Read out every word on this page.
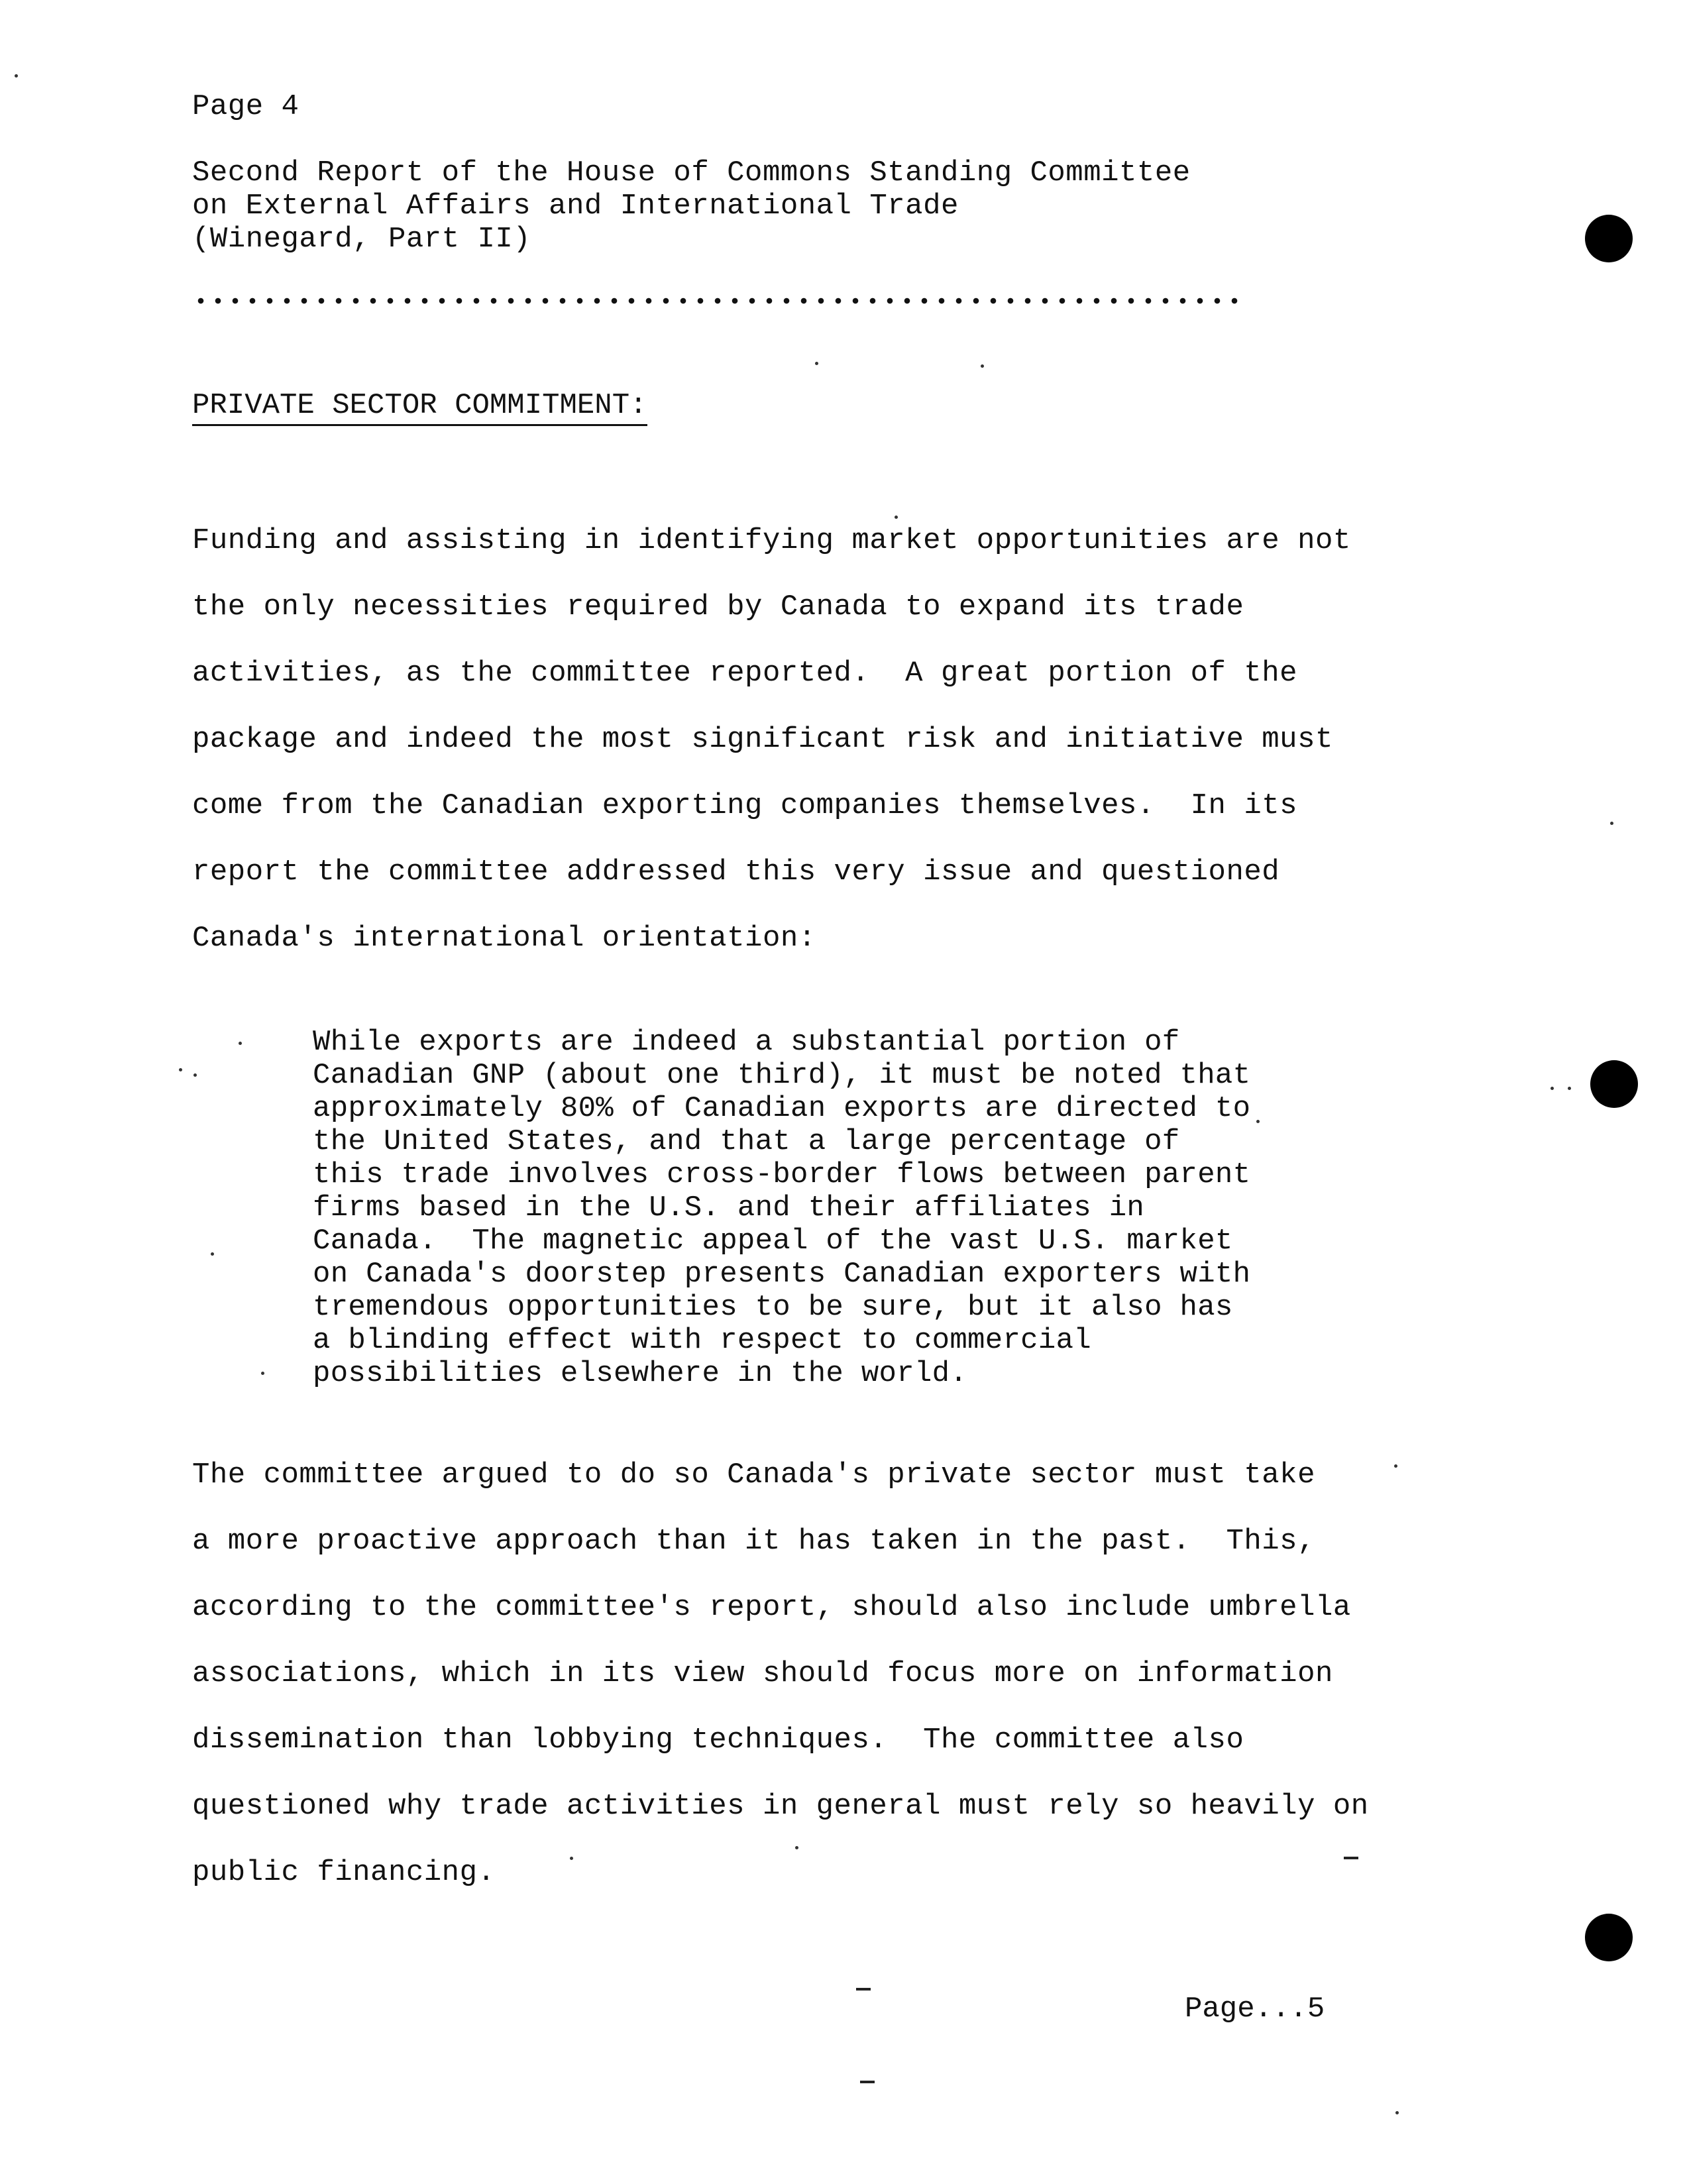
Page 4
Second Report of the House of Commons Standing Committee
on External Affairs and International Trade
(Winegard, Part II)
PRIVATE SECTOR COMMITMENT:
Funding and assisting in identifying market opportunities are not
the only necessities required by Canada to expand its trade
activities, as the committee reported.  A great portion of the
package and indeed the most significant risk and initiative must
come from the Canadian exporting companies themselves.  In its
report the committee addressed this very issue and questioned
Canada's international orientation:
While exports are indeed a substantial portion of
Canadian GNP (about one third), it must be noted that
approximately 80% of Canadian exports are directed to
the United States, and that a large percentage of
this trade involves cross-border flows between parent
firms based in the U.S. and their affiliates in
Canada.  The magnetic appeal of the vast U.S. market
on Canada's doorstep presents Canadian exporters with
tremendous opportunities to be sure, but it also has
a blinding effect with respect to commercial
possibilities elsewhere in the world.
The committee argued to do so Canada's private sector must take
a more proactive approach than it has taken in the past.  This,
according to the committee's report, should also include umbrella
associations, which in its view should focus more on information
dissemination than lobbying techniques.  The committee also
questioned why trade activities in general must rely so heavily on
public financing.
Page...5
